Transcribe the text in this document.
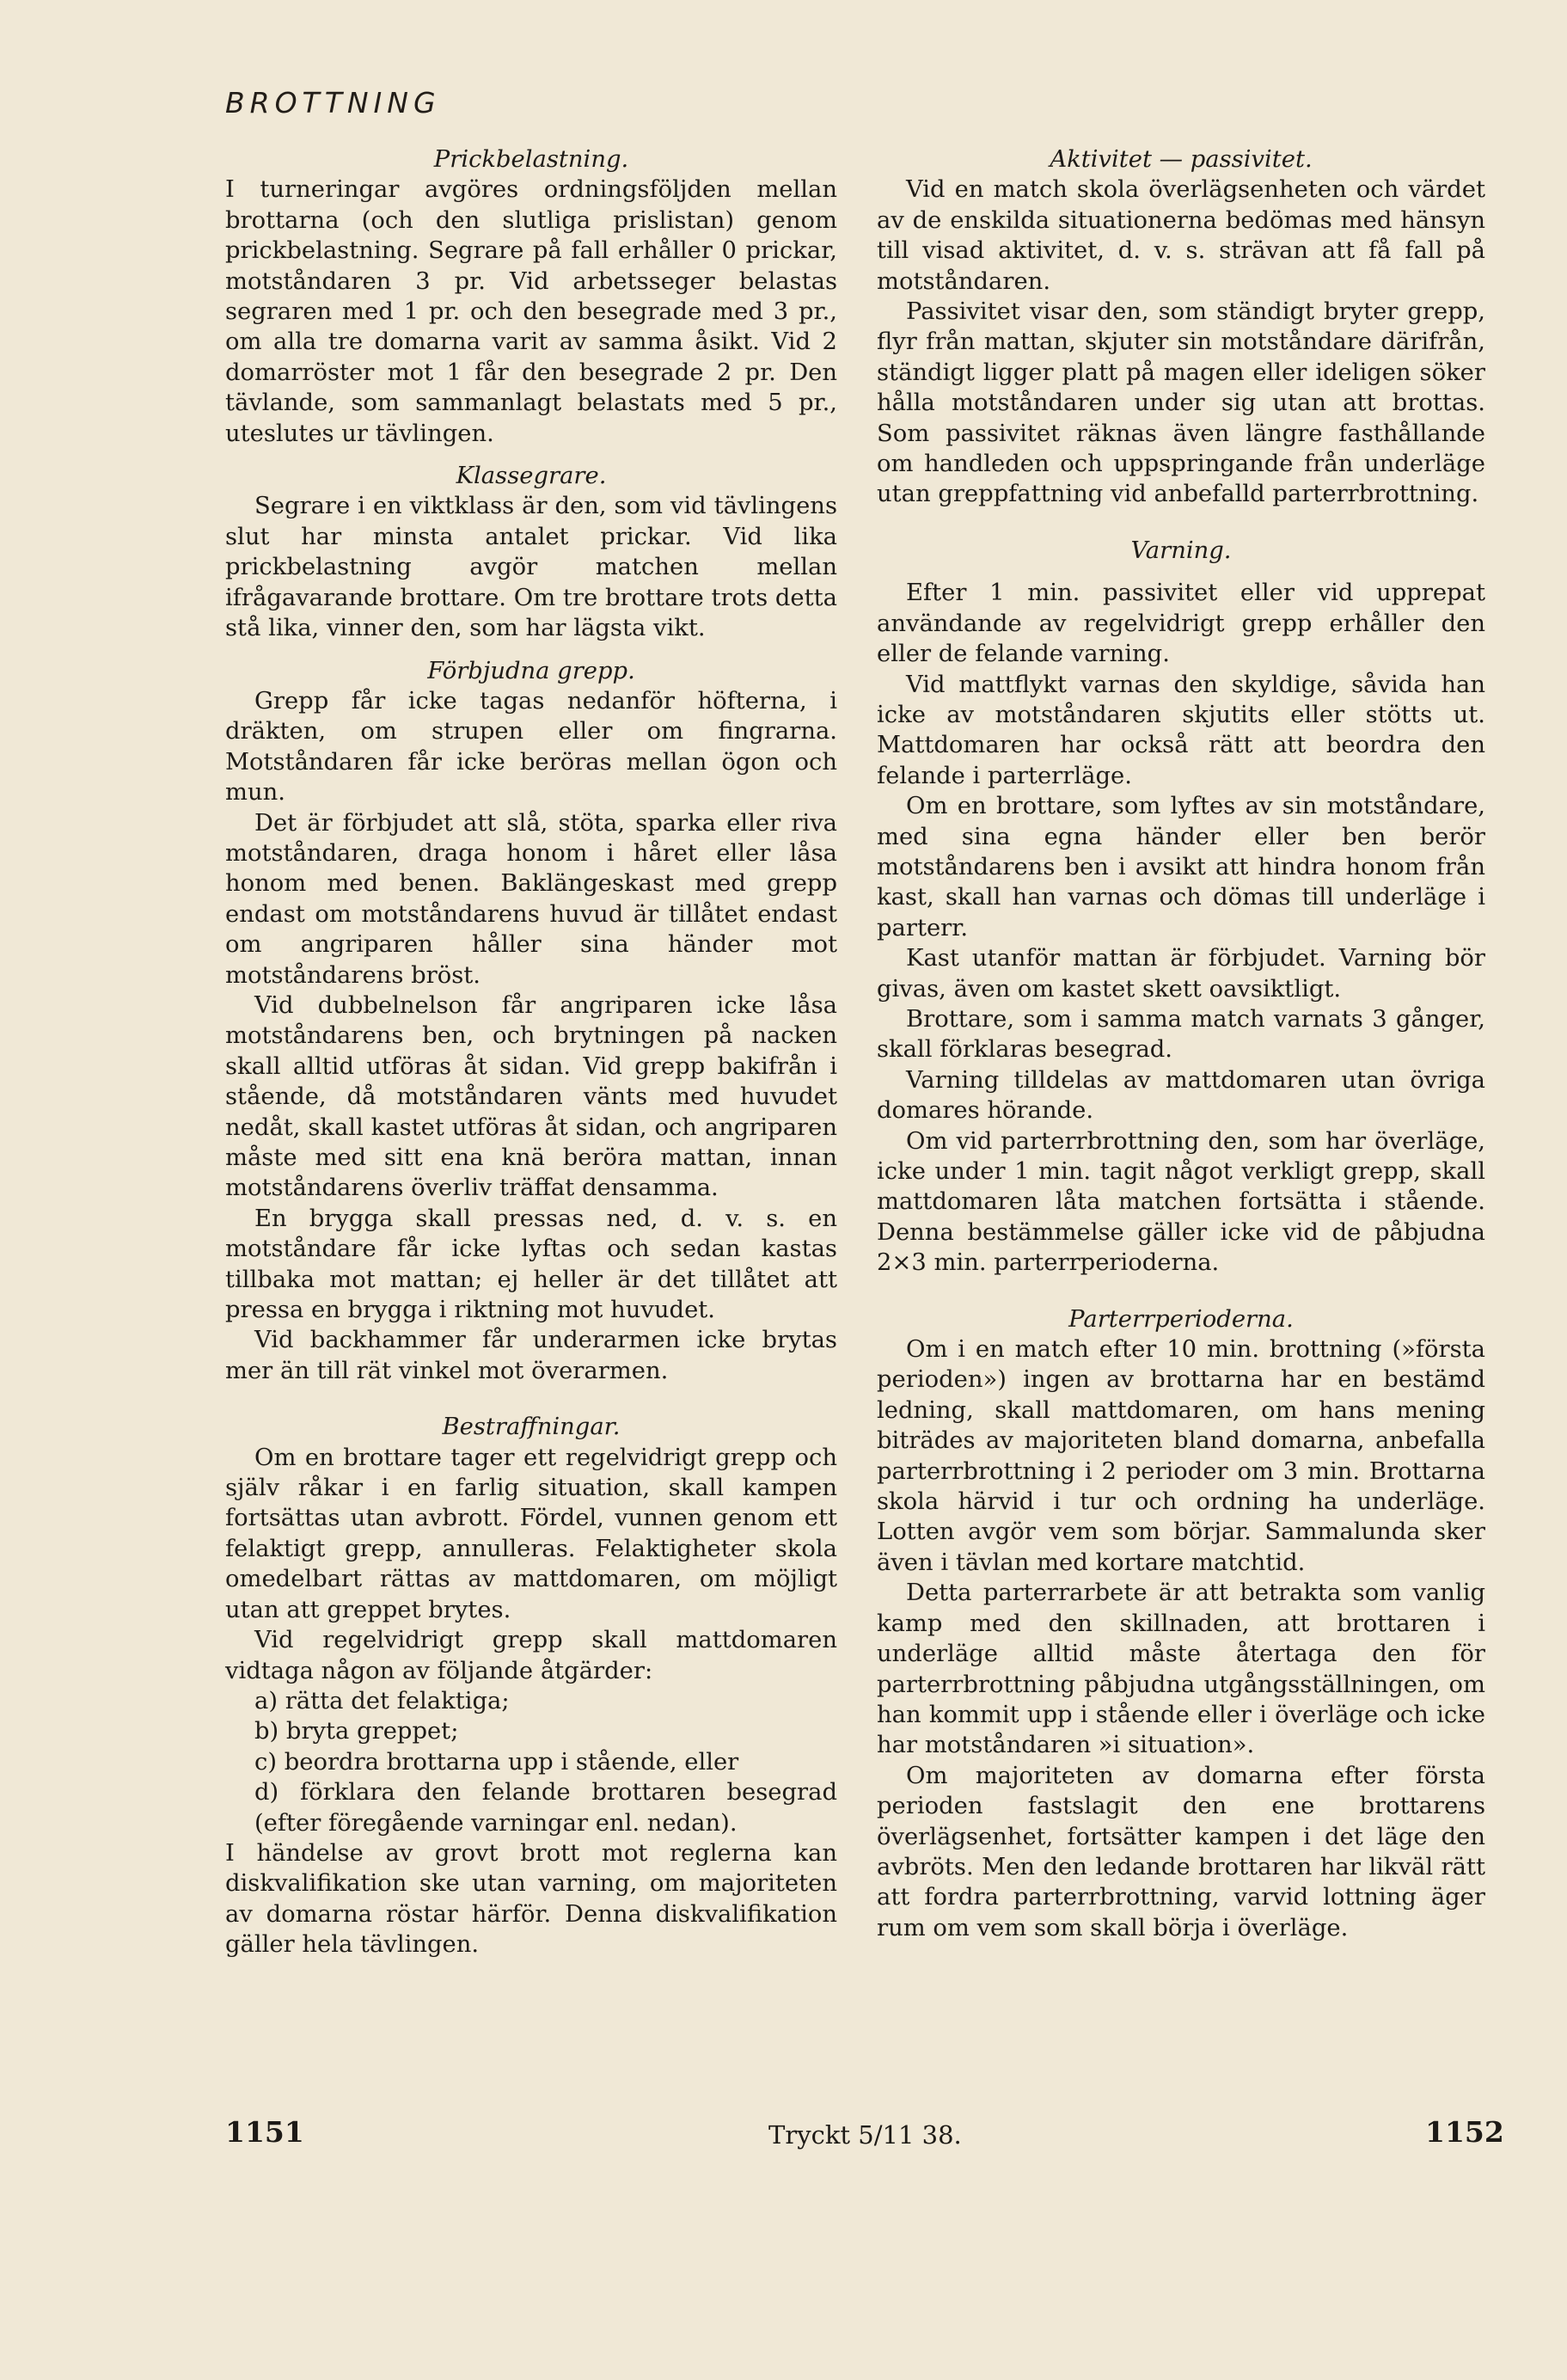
BROTTNING
Prickbelastning.

I turneringar avgöres ordningsföljden mellan brottarna (och den slutliga prislistan) genom prickbelastning. Segrare på fall erhåller 0 prickar, motståndaren 3 pr. Vid arbetsseger belastas segraren med 1 pr. och den besegrade med 3 pr., om alla tre domarna varit av samma åsikt. Vid 2 domarröster mot 1 får den besegrade 2 pr. Den tävlande, som sammanlagt belastats med 5 pr., uteslutes ur tävlingen.

Klassegrare.

Segrare i en viktklass är den, som vid tävlingens slut har minsta antalet prickar. Vid lika prickbelastning avgör matchen mellan ifrågavarande brottare. Om tre brottare trots detta stå lika, vinner den, som har lägsta vikt.

Förbjudna grepp.

Grepp får icke tagas nedanför höfterna, i dräkten, om strupen eller om fingrarna. Motståndaren får icke beröras mellan ögon och mun.

Det är förbjudet att slå, stöta, sparka eller riva motståndaren, draga honom i håret eller låsa honom med benen. Baklängeskast med grepp endast om motståndarens huvud är tillåtet endast om angriparen håller sina händer mot motståndarens bröst.

Vid dubbelnelson får angriparen icke låsa motståndarens ben, och brytningen på nacken skall alltid utföras åt sidan. Vid grepp bakifrån i stående, då motståndaren vänts med huvudet nedåt, skall kastet utföras åt sidan, och angriparen måste med sitt ena knä beröra mattan, innan motståndarens överliv träffat densamma.

En brygga skall pressas ned, d. v. s. en motståndare får icke lyftas och sedan kastas tillbaka mot mattan; ej heller är det tillåtet att pressa en brygga i riktning mot huvudet.

Vid backhammer får underarmen icke brytas mer än till rät vinkel mot överarmen.

Bestraffningar.

Om en brottare tager ett regelvidrigt grepp och själv råkar i en farlig situation, skall kampen fortsättas utan avbrott. Fördel, vunnen genom ett felaktigt grepp, annulleras. Felaktigheter skola omedelbart rättas av mattdomaren, om möjligt utan att greppet brytes.

Vid regelvidrigt grepp skall mattdomaren vidtaga någon av följande åtgärder:

a) rätta det felaktiga;

b) bryta greppet;

c) beordra brottarna upp i stående, eller

d) förklara den felande brottaren besegrad (efter föregående varningar enl. nedan).

I händelse av grovt brott mot reglerna kan diskvalifikation ske utan varning, om majoriteten av domarna röstar härför. Denna diskvalifikation gäller hela tävlingen.

Aktivitet — passivitet.

Vid en match skola överlägsenheten och värdet av de enskilda situationerna bedömas med hänsyn till visad aktivitet, d. v. s. strävan att få fall på motståndaren.

Passivitet visar den, som ständigt bryter grepp, flyr från mattan, skjuter sin motståndare därifrån, ständigt ligger platt på magen eller ideligen söker hålla motståndaren under sig utan att brottas. Som passivitet räknas även längre fasthållande om handleden och uppspringande från underläge utan greppfattning vid anbefalld parterrbrottning.

Varning.

Efter 1 min. passivitet eller vid upprepat användande av regelvidrigt grepp erhåller den eller de felande varning.

Vid mattflykt varnas den skyldige, såvida han icke av motståndaren skjutits eller stötts ut. Mattdomaren har också rätt att beordra den felande i parterrläge.

Om en brottare, som lyftes av sin motståndare, med sina egna händer eller ben berör motståndarens ben i avsikt att hindra honom från kast, skall han varnas och dömas till underläge i parterr.

Kast utanför mattan är förbjudet. Varning bör givas, även om kastet skett oavsiktligt.

Brottare, som i samma match varnats 3 gånger, skall förklaras besegrad.

Varning tilldelas av mattdomaren utan övriga domares hörande.

Om vid parterrbrottning den, som har överläge, icke under 1 min. tagit något verkligt grepp, skall mattdomaren låta matchen fortsätta i stående. Denna bestämmelse gäller icke vid de påbjudna 2×3 min. parterrperioderna.

Parterrperioderna.

Om i en match efter 10 min. brottning (»första perioden») ingen av brottarna har en bestämd ledning, skall mattdomaren, om hans mening biträdes av majoriteten bland domarna, anbefalla parterrbrottning i 2 perioder om 3 min. Brottarna skola härvid i tur och ordning ha underläge. Lotten avgör vem som börjar. Sammalunda sker även i tävlan med kortare matchtid.

Detta parterrarbete är att betrakta som vanlig kamp med den skillnaden, att brottaren i underläge alltid måste återtaga den för parterrbrottning påbjudna utgångsställningen, om han kommit upp i stående eller i överläge och icke har motståndaren »i situation».

Om majoriteten av domarna efter första perioden fastslagit den ene brottarens överlägsenhet, fortsätter kampen i det läge den avbröts. Men den ledande brottaren har likväl rätt att fordra parterrbrottning, varvid lottning äger rum om vem som skall börja i överläge.

1151	Tryckt 5/11 38.	1152
